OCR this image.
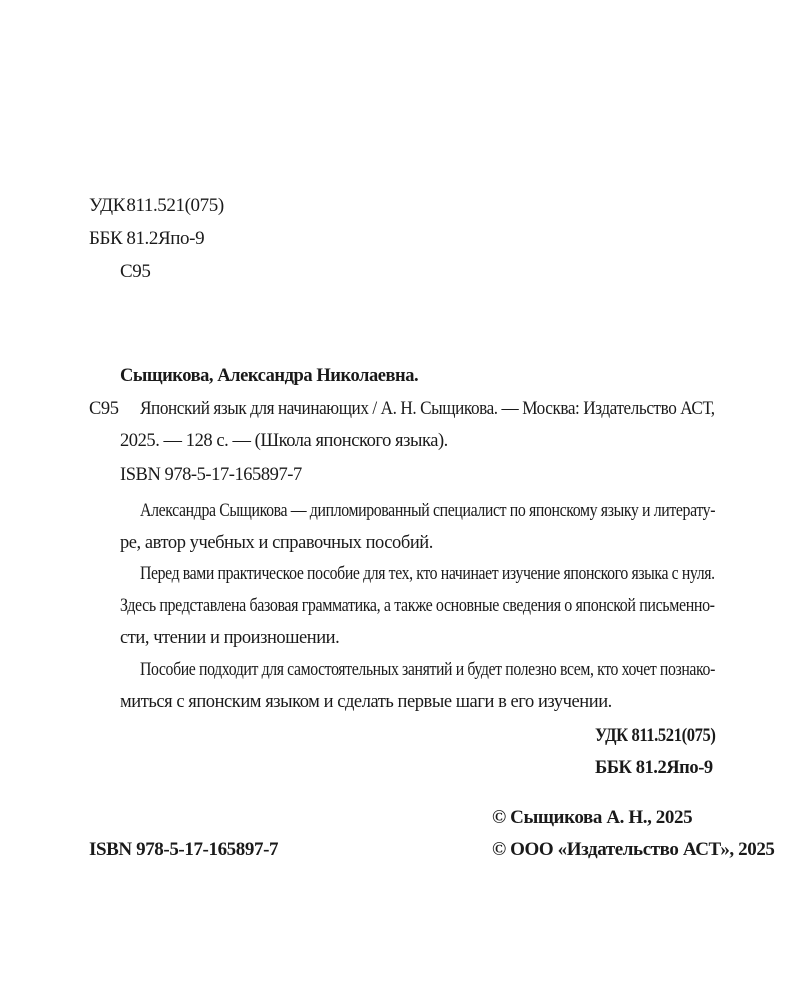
УДК 811.521(075)
ББК 81.2Япо-9
С95
Сыщикова, Александра Николаевна.
С95 Японский язык для начинающих / А. Н. Сыщикова. — Москва: Издательство АСТ,
2025. — 128 с. — (Школа японского языка).
ISBN 978-5-17-165897-7
Александра Сыщикова — дипломированный специалист по японскому языку и литерату-
ре, автор учебных и справочных пособий.
Перед вами практическое пособие для тех, кто начинает изучение японского языка с нуля.
Здесь представлена базовая грамматика, а также основные сведения о японской письменно-
сти, чтении и произношении.
Пособие подходит для самостоятельных занятий и будет полезно всем, кто хочет познако-
миться с японским языком и сделать первые шаги в его изучении.
УДК 811.521(075)
ББК 81.2Япо-9
ISBN 978-5-17-165897-7
© Сыщикова А. Н., 2025
© ООО «Издательство АСТ», 2025
